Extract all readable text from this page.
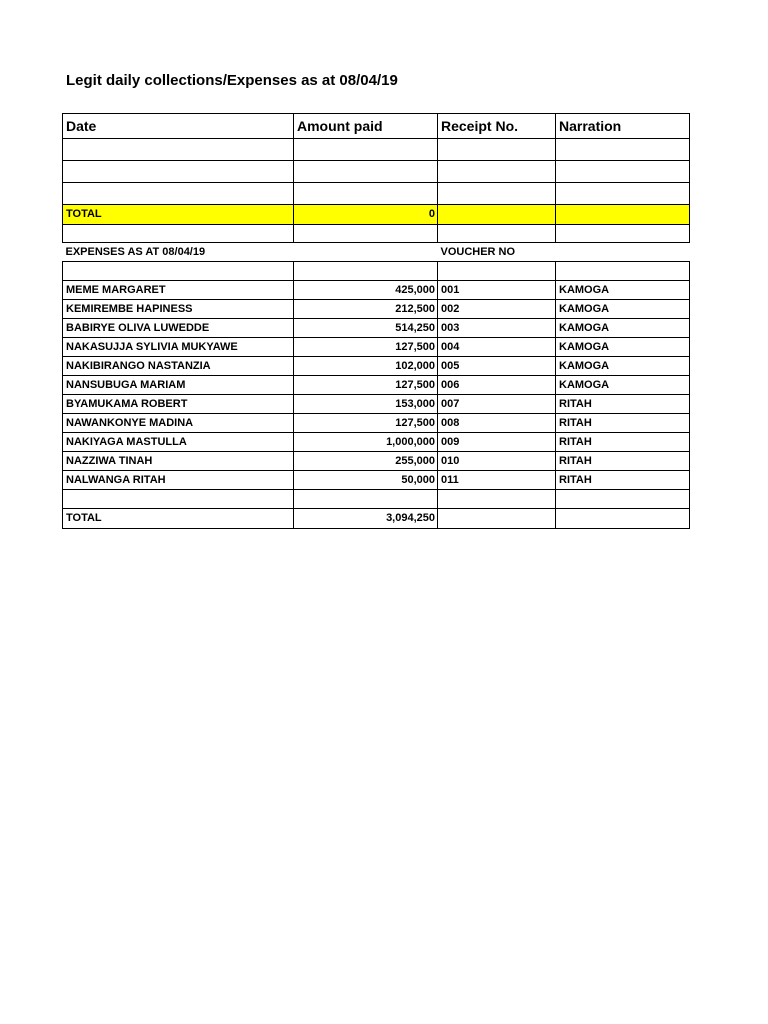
Legit daily collections/Expenses as at 08/04/19
Date	Amount paid	Receipt No.	Narration

TOTAL	0		

EXPENSES AS AT 08/04/19		VOUCHER NO	

MEME MARGARET	425,000	001	KAMOGA
KEMIREMBE HAPINESS	212,500	002	KAMOGA
BABIRYE OLIVA LUWEDDE	514,250	003	KAMOGA
NAKASUJJA SYLIVIA MUKYAWE	127,500	004	KAMOGA
NAKIBIRANGO NASTANZIA	102,000	005	KAMOGA
NANSUBUGA MARIAM	127,500	006	KAMOGA
BYAMUKAMA ROBERT	153,000	007	RITAH
NAWANKONYE MADINA	127,500	008	RITAH
NAKIYAGA MASTULLA	1,000,000	009	RITAH
NAZZIWA TINAH	255,000	010	RITAH
NALWANGA RITAH	50,000	011	RITAH

TOTAL	3,094,250		
